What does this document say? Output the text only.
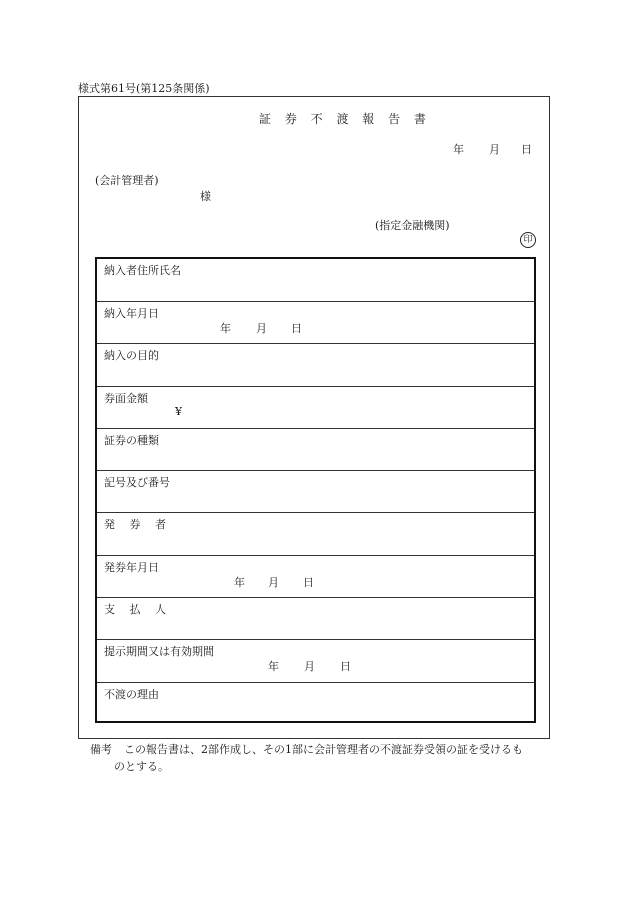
様式第61号(第125条関係)
証 券 不 渡 報 告 書
年 月 日
(会計管理者)
様
(指定金融機関)
印
納入者住所氏名
納入年月日
年 月 日
納入の目的
券面金額
¥
証券の種類
記号及び番号
発　 券 　者
発券年月日
年 月 日
支　 払 　人
提示期間又は有効期間
年 月 日
不渡の理由
備考 この報告書は、2部作成し、その1部に会計管理者の不渡証券受領の証を受けるも
のとする。
